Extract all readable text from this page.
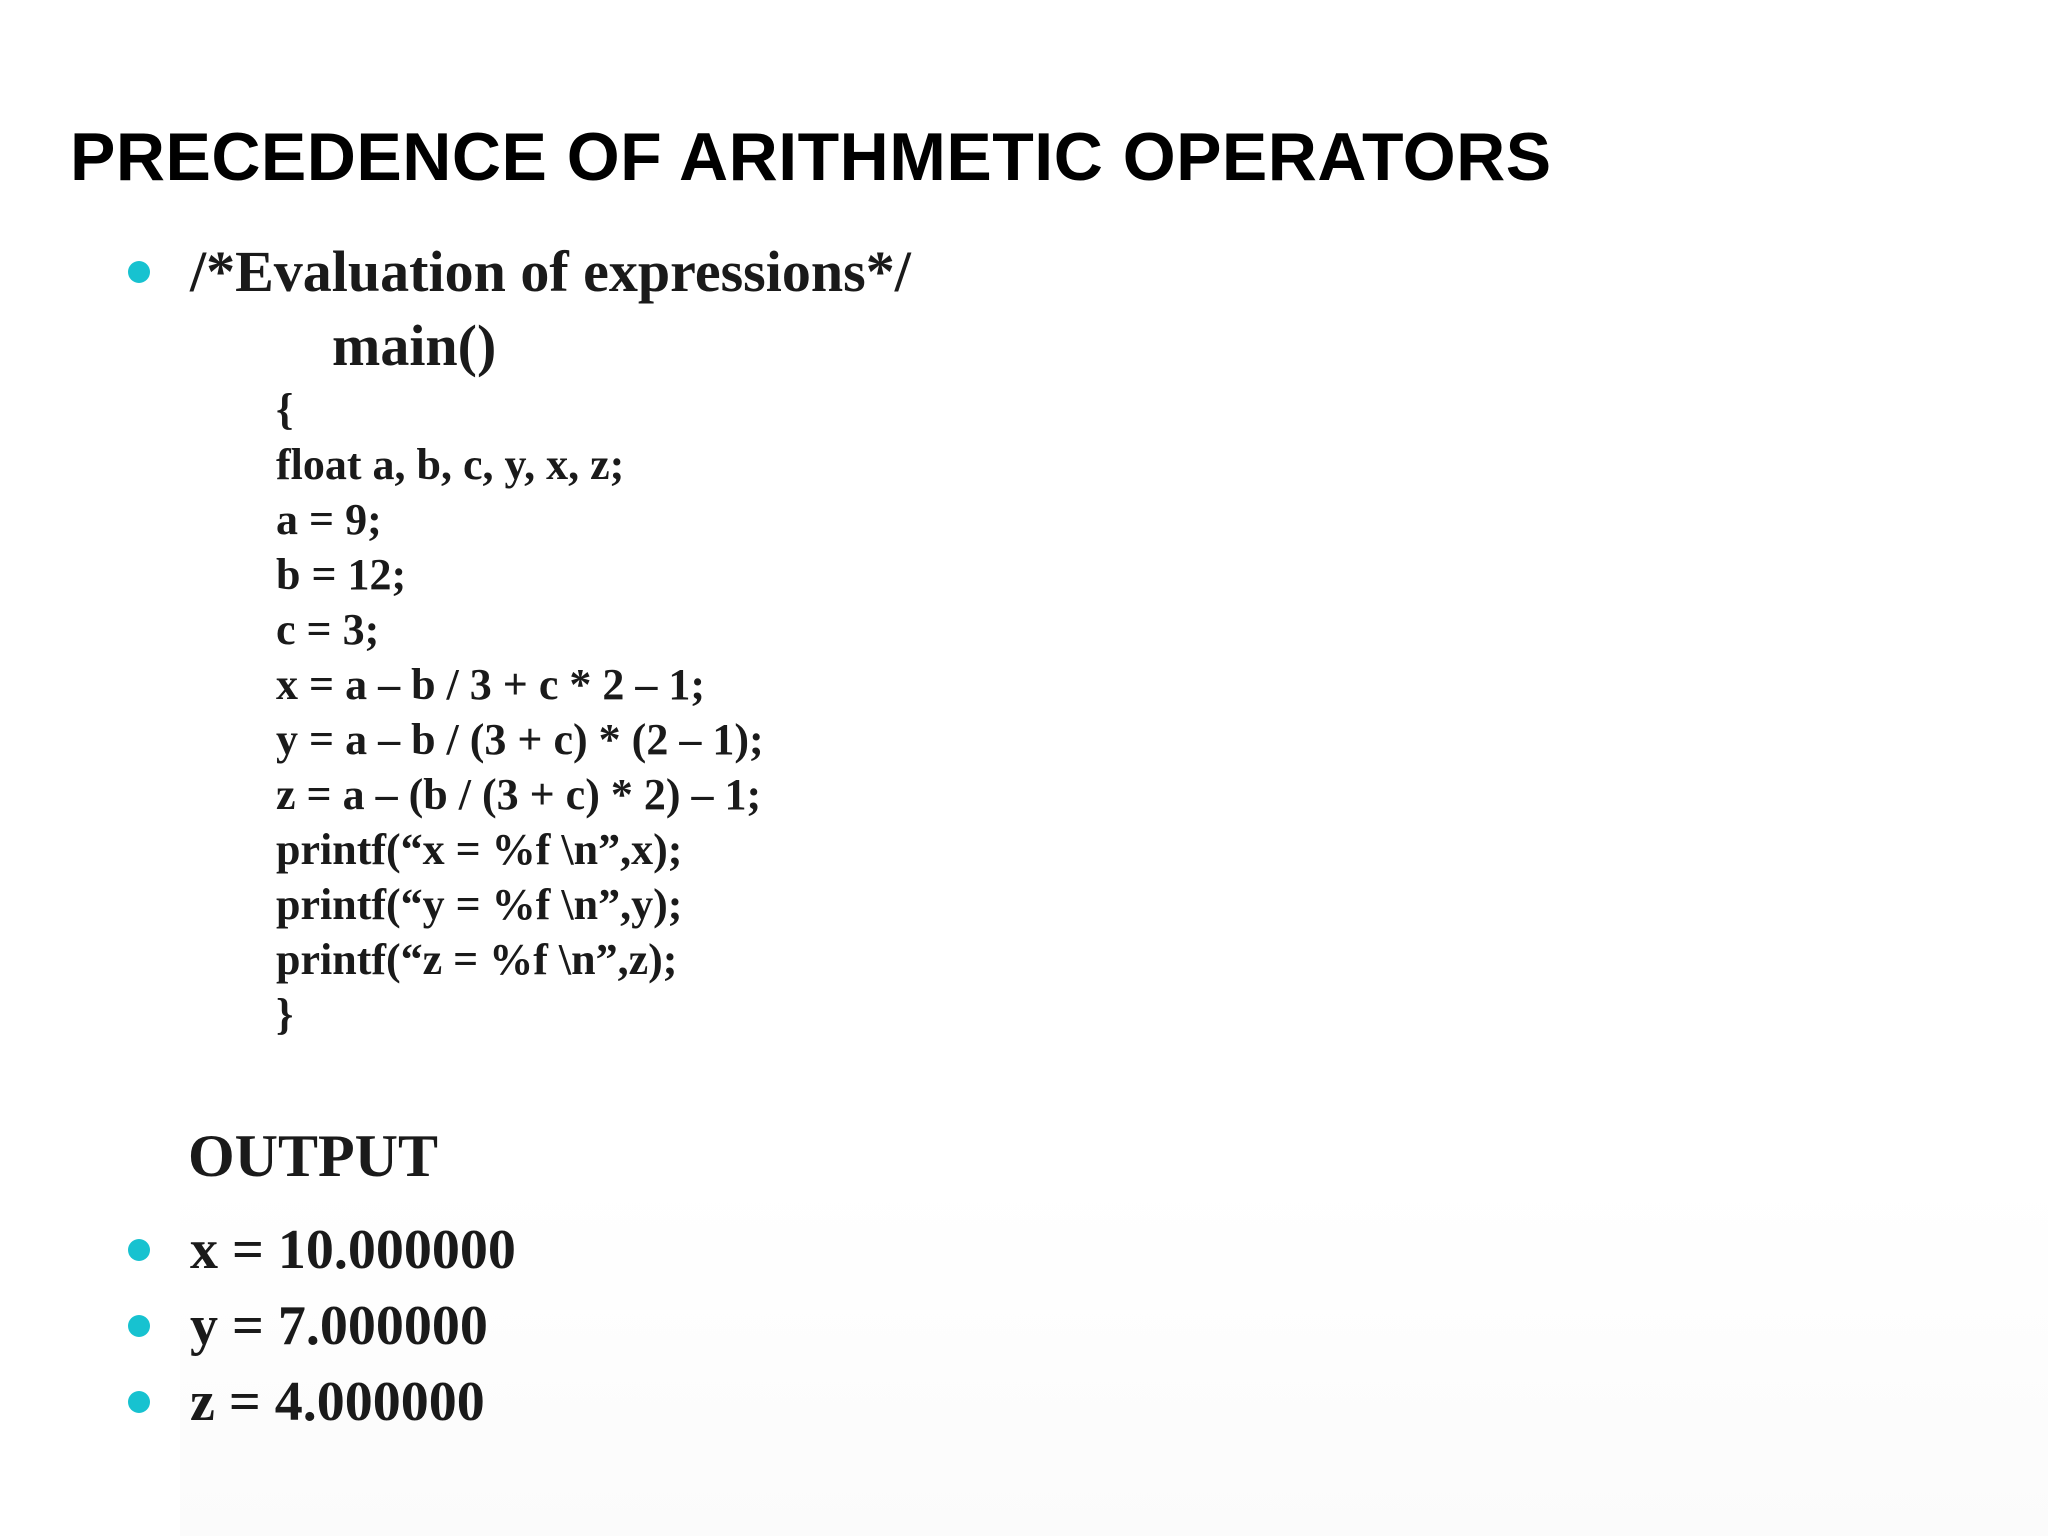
PRECEDENCE OF ARITHMETIC OPERATORS
/*Evaluation of expressions*/
main()
{
float a, b, c, y, x, z;
a = 9;
b = 12;
c = 3;
x = a – b / 3 + c * 2 – 1;
y = a – b / (3 + c) * (2 – 1);
z = a – (b / (3 + c) * 2) – 1;
printf(“x = %f \n”,x);
printf(“y = %f \n”,y);
printf(“z = %f \n”,z);
}
OUTPUT
x = 10.000000
y = 7.000000
z = 4.000000
